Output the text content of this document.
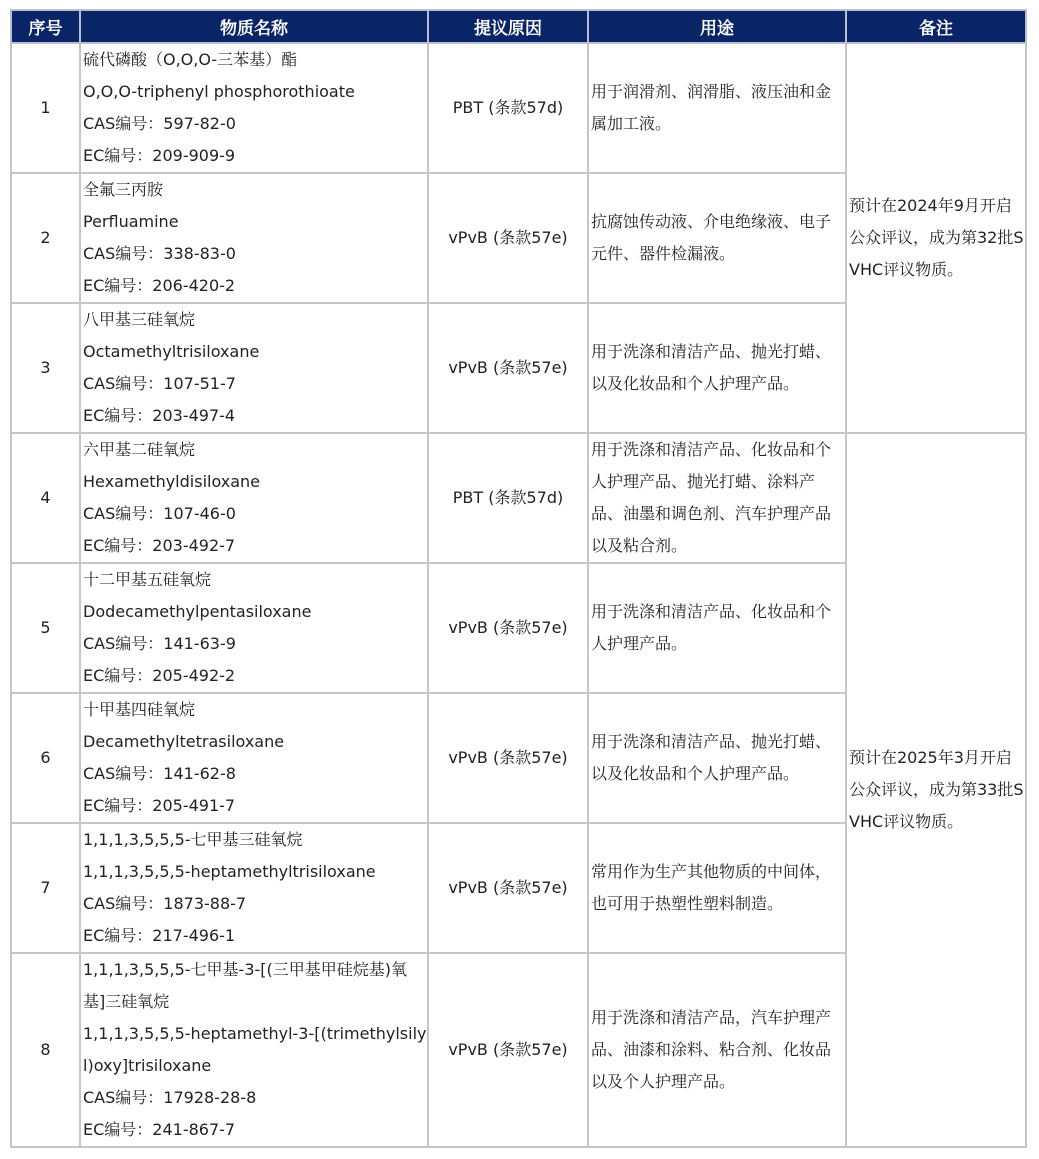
序号	物质名称	提议原因	用途	备注
1	硫代磷酸（O,O,O-三苯基）酯
O,O,O-triphenyl phosphorothioate
CAS编号：597-82-0
EC编号：209-909-9	PBT (条款57d)	用于润滑剂、润滑脂、液压油和金属加工液。	预计在2024年9月开启公众评议，成为第32批SVHC评议物质。
2	全氟三丙胺
Perfluamine
CAS编号：338-83-0
EC编号：206-420-2	vPvB (条款57e)	抗腐蚀传动液、介电绝缘液、电子元件、器件检漏液。	
3	八甲基三硅氧烷
Octamethyltrisiloxane
CAS编号：107-51-7
EC编号：203-497-4	vPvB (条款57e)	用于洗涤和清洁产品、抛光打蜡、以及化妆品和个人护理产品。	
4	六甲基二硅氧烷
Hexamethyldisiloxane
CAS编号：107-46-0
EC编号：203-492-7	PBT (条款57d)	用于洗涤和清洁产品、化妆品和个人护理产品、抛光打蜡、涂料产品、油墨和调色剂、汽车护理产品以及粘合剂。	预计在2025年3月开启公众评议，成为第33批SVHC评议物质。
5	十二甲基五硅氧烷
Dodecamethylpentasiloxane
CAS编号：141-63-9
EC编号：205-492-2	vPvB (条款57e)	用于洗涤和清洁产品、化妆品和个人护理产品。	
6	十甲基四硅氧烷
Decamethyltetrasiloxane
CAS编号：141-62-8
EC编号：205-491-7	vPvB (条款57e)	用于洗涤和清洁产品、抛光打蜡、以及化妆品和个人护理产品。	
7	1,1,1,3,5,5,5-七甲基三硅氧烷
1,1,1,3,5,5,5-heptamethyltrisiloxane
CAS编号：1873-88-7
EC编号：217-496-1	vPvB (条款57e)	常用作为生产其他物质的中间体，也可用于热塑性塑料制造。	
8	1,1,1,3,5,5,5-七甲基-3-[(三甲基甲硅烷基)氧基]三硅氧烷
1,1,1,3,5,5,5-heptamethyl-3-[(trimethylsilyl)oxy]trisiloxane
CAS编号：17928-28-8
EC编号：241-867-7	vPvB (条款57e)	用于洗涤和清洁产品，汽车护理产品、油漆和涂料、粘合剂、化妆品以及个人护理产品。	
